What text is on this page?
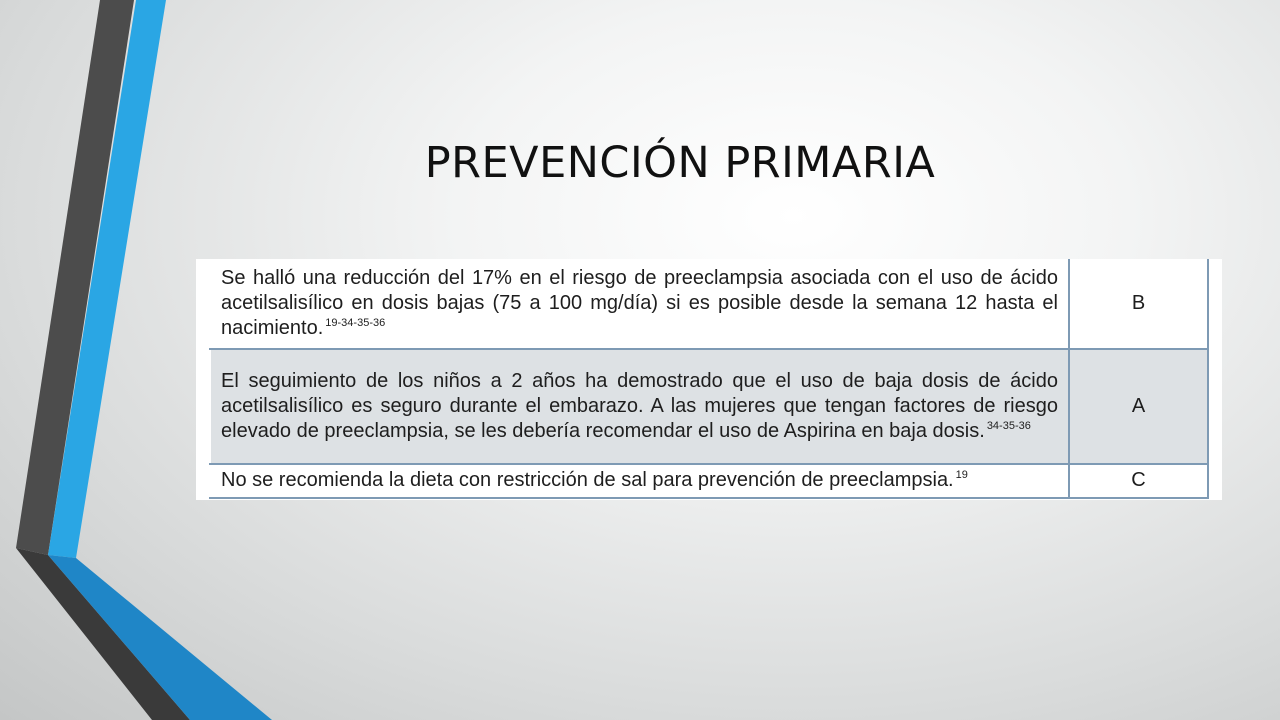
PREVENCIÓN PRIMARIA
Se halló una reducción del 17% en el riesgo de preeclampsia asociada con el uso de ácido acetilsalisílico en dosis bajas (75 a 100 mg/día) si es posible desde la semana 12 hasta el nacimiento. $^{19-34-35-36}$	B
El seguimiento de los niños a 2 años ha demostrado que el uso de baja dosis de ácido acetilsalisílico es seguro durante el embarazo. A las mujeres que tengan factores de riesgo elevado de preeclampsia, se les debería recomendar el uso de Aspirina en baja dosis. $^{34-35-36}$	A
No se recomienda la dieta con restricción de sal para prevención de preeclampsia. $^{19}$	C
